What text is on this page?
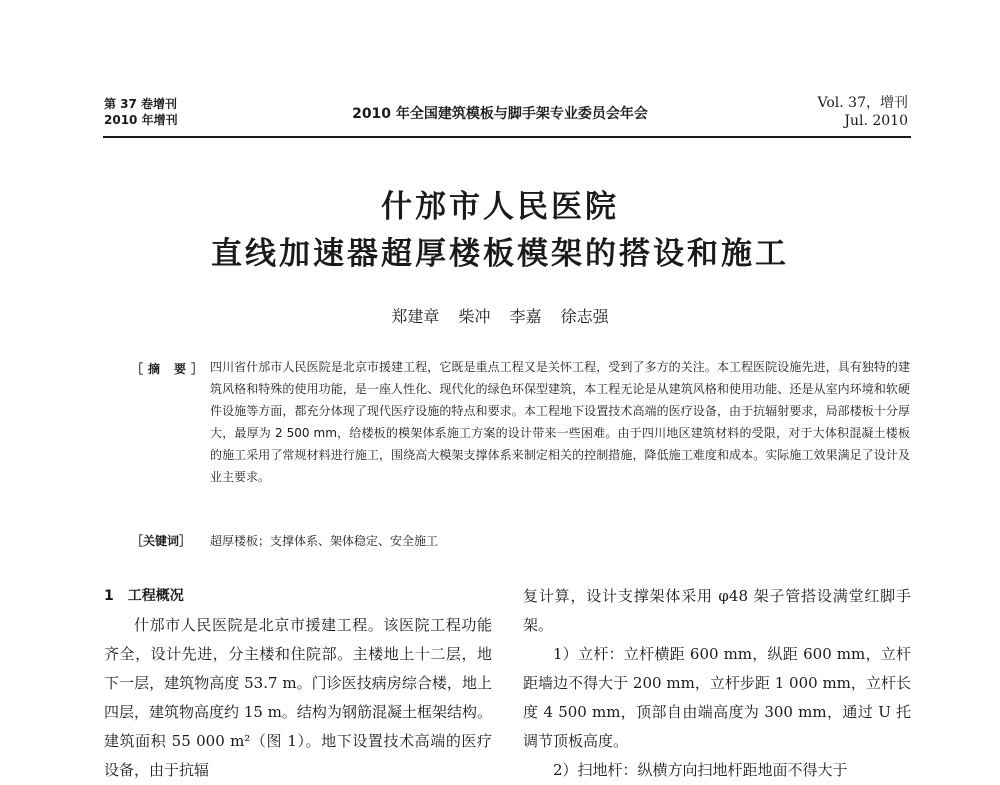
第 37 卷增刊
2010 年增刊	2010 年全国建筑模板与脚手架专业委员会年会
Vol. 37，增刊
Jul. 2010
什邡市人民医院
直线加速器超厚楼板模架的搭设和施工
郑建章 柴冲 李嘉 徐志强
［摘 要］ 四川省什邡市人民医院是北京市援建工程，它既是重点工程又是关怀工程，受到了多方的关注。本工程医院设施先进，具有独特的建筑风格和特殊的使用功能，是一座人性化、现代化的绿色环保型建筑，本工程无论是从建筑风格和使用功能、还是从室内环境和软硬件设施等方面，都充分体现了现代医疗设施的特点和要求。本工程地下设置技术高端的医疗设备，由于抗辐射要求，局部楼板十分厚大，最厚为 2 500 mm，给楼板的模架体系施工方案的设计带来一些困难。由于四川地区建筑材料的受限，对于大体积混凝土楼板的施工采用了常规材料进行施工，围绕高大模架支撑体系来制定相关的控制措施，降低施工难度和成本。实际施工效果满足了设计及业主要求。
［关键词］ 超厚楼板；支撑体系、架体稳定、安全施工
1　工程概况
什邡市人民医院是北京市援建工程。该医院工程功能齐全，设计先进，分主楼和住院部。主楼地上十二层，地下一层，建筑物高度 53.7 m。门诊医技病房综合楼，地上四层，建筑物高度约 15 m。结构为钢筋混凝土框架结构。建筑面积 55 000 m²（图 1）。地下设置技术高端的医疗设备，由于抗辐
复计算，设计支撑架体采用 φ48 架子管搭设满堂红脚手架。
1）立杆：立杆横距 600 mm，纵距 600 mm，立杆距墙边不得大于 200 mm，立杆步距 1 000 mm，立杆长度 4 500 mm，顶部自由端高度为 300 mm，通过 U 托调节顶板高度。
2）扫地杆：纵横方向扫地杆距地面不得大于
